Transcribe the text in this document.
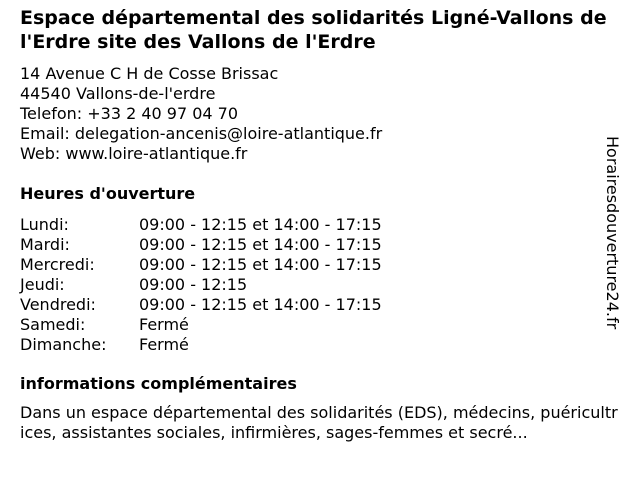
Espace départemental des solidarités Ligné-Vallons de l'Erdre site des Vallons de l'Erdre
14 Avenue C H de Cosse Brissac
44540 Vallons-de-l'erdre
Telefon: +33 2 40 97 04 70
Email: delegation-ancenis@loire-atlantique.fr
Web: www.loire-atlantique.fr
Heures d'ouverture
Lundi:	09:00 - 12:15 et 14:00 - 17:15
Mardi:	09:00 - 12:15 et 14:00 - 17:15
Mercredi:	09:00 - 12:15 et 14:00 - 17:15
Jeudi:	09:00 - 12:15
Vendredi:	09:00 - 12:15 et 14:00 - 17:15
Samedi:	Fermé
Dimanche:	Fermé
informations complémentaires
Dans un espace départemental des solidarités (EDS), médecins, puéricultrices, assistantes sociales, infirmières, sages-femmes et secré...
Horairesdouverture24.fr
